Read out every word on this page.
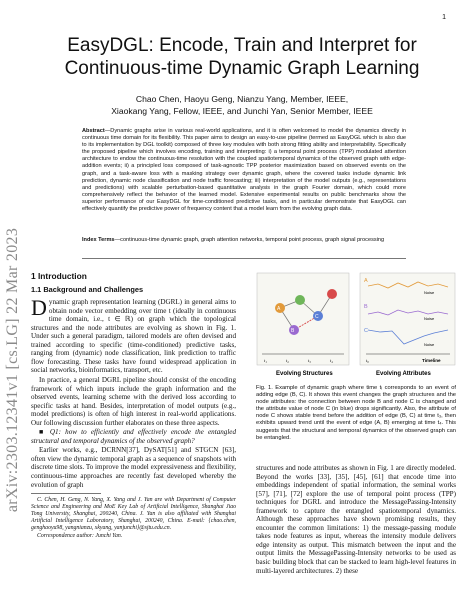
1
arXiv:2303.12341v1 [cs.LG] 22 Mar 2023
EasyDGL: Encode, Train and Interpret for
Continuous-time Dynamic Graph Learning
Chao Chen, Haoyu Geng, Nianzu Yang, Member, IEEE,
Xiaokang Yang, Fellow, IEEE, and Junchi Yan, Senior Member, IEEE
Abstract—Dynamic graphs arise in various real-world applications, and it is often welcomed to model the dynamics directly in continuous time domain for its flexibility. This paper aims to design an easy-to-use pipeline (termed as EasyDGL which is also due to its implementation by DGL toolkit) composed of three key modules with both strong fitting ability and interpretability. Specifically the proposed pipeline which involves encoding, training and interpreting: i) a temporal point process (TPP) modulated attention architecture to endow the continuous-time resolution with the coupled spatiotemporal dynamics of the observed graph with edge-addition events; ii) a principled loss composed of task-agnostic TPP posterior maximization based on observed events on the graph, and a task-aware loss with a masking strategy over dynamic graph, where the covered tasks include dynamic link prediction, dynamic node classification and node traffic forecasting; iii) interpretation of the model outputs (e.g., representations and predictions) with scalable perturbation-based quantitative analysis in the graph Fourier domain, which could more comprehensively reflect the behavior of the learned model. Extensive experimental results on public benchmarks show the superior performance of our EasyDGL for time-conditioned predictive tasks, and in particular demonstrate that EasyDGL can effectively quantify the predictive power of frequency content that a model learn from the evolving graph data.
Index Terms—continuous-time dynamic graph, graph attention networks, temporal point process, graph signal processing
1 Introduction
1.1 Background and Challenges

Dynamic graph representation learning (DGRL) in general aims to obtain node vector embedding over time t (ideally in continuous time domain, i.e., t ∈ ℝ) on graph which the topological structures and the node attributes are evolving as shown in Fig. 1. Under such a general paradigm, tailored models are often devised and trained according to specific (time-conditioned) predictive tasks, ranging from (dynamic) node classification, link prediction to traffic flow forecasting. These tasks have found widespread application in social networks, bioinformatics, transport, etc.

In practice, a general DGRL pipeline should consist of the encoding framework of which inputs include the graph information and the observed events, learning scheme with the derived loss according to specific tasks at hand. Besides, interpretation of model outputs (e.g., model predictions) is often of high interest in real-world applications. Our following discussion further elaborates on these three aspects.

■ Q1: how to efficiently and effectively encode the entangled structural and temporal dynamics of the observed graph?

Earlier works, e.g., DCRNN[37], DySAT[51] and STGCN [63], often view the dynamic temporal graph as a sequence of snapshots with discrete time slots. To improve the model expressiveness and flexibility, continuous-time approaches are recently fast developed whereby the evolution of graph

C. Chen, H. Geng, N. Yang, X. Yang and J. Yan are with Department of Computer Science and Engineering and MoE Key Lab of Artificial Intelligence, Shanghai Jiao Tong University, Shanghai, 200240, China. J. Yan is also affiliated with Shanghai Artificial Intelligence Laboratory, Shanghai, 200240, China. E-mail: {chao.chen, genghaoyu98, yangnianzu, xkyang, yanjunchi}@sjtu.edu.cn.

Correspondence author: Junchi Yan.

A
C
B
t₁	t₂	t₃	t₄
A
Noise
B
Noise
C
Noise
t₀	Timeline
Evolving Structures	Evolving Attributes
Fig. 1. Example of dynamic graph where time tᵢ corresponds to an event of adding edge (B, C). It shows this event changes the graph structures and the node attributes: the connection between node B and node C is changed and the attribute value of node C (in blue) drops significantly. Also, the attribute of node C shows stable trend before the addition of edge (B, C) at time t₃, then exhibits upward trend until the event of edge (A, B) emerging at time t₄. This suggests that the structural and temporal dynamics of the observed graph can be entangled.

structures and node attributes as shown in Fig. 1 are directly modeled. Beyond the works [33], [35], [45], [61] that encode time into embeddings independent of spatial information, the seminal works [57], [71], [72] explore the use of temporal point process (TPP) techniques for DGRL and introduce the MessagePassing-Intensity framework to capture the entangled spatiotemporal dynamics. Although these approaches have shown promising results, they encounter the common limitations: 1) the message-passing module takes node features as input, whereas the intensity module delivers edge intensity as output. This mismatch between the input and the output limits the MessagePassing-Intensity networks to be used as basic building block that can be stacked to learn high-level features in multi-layered architectures. 2) these
